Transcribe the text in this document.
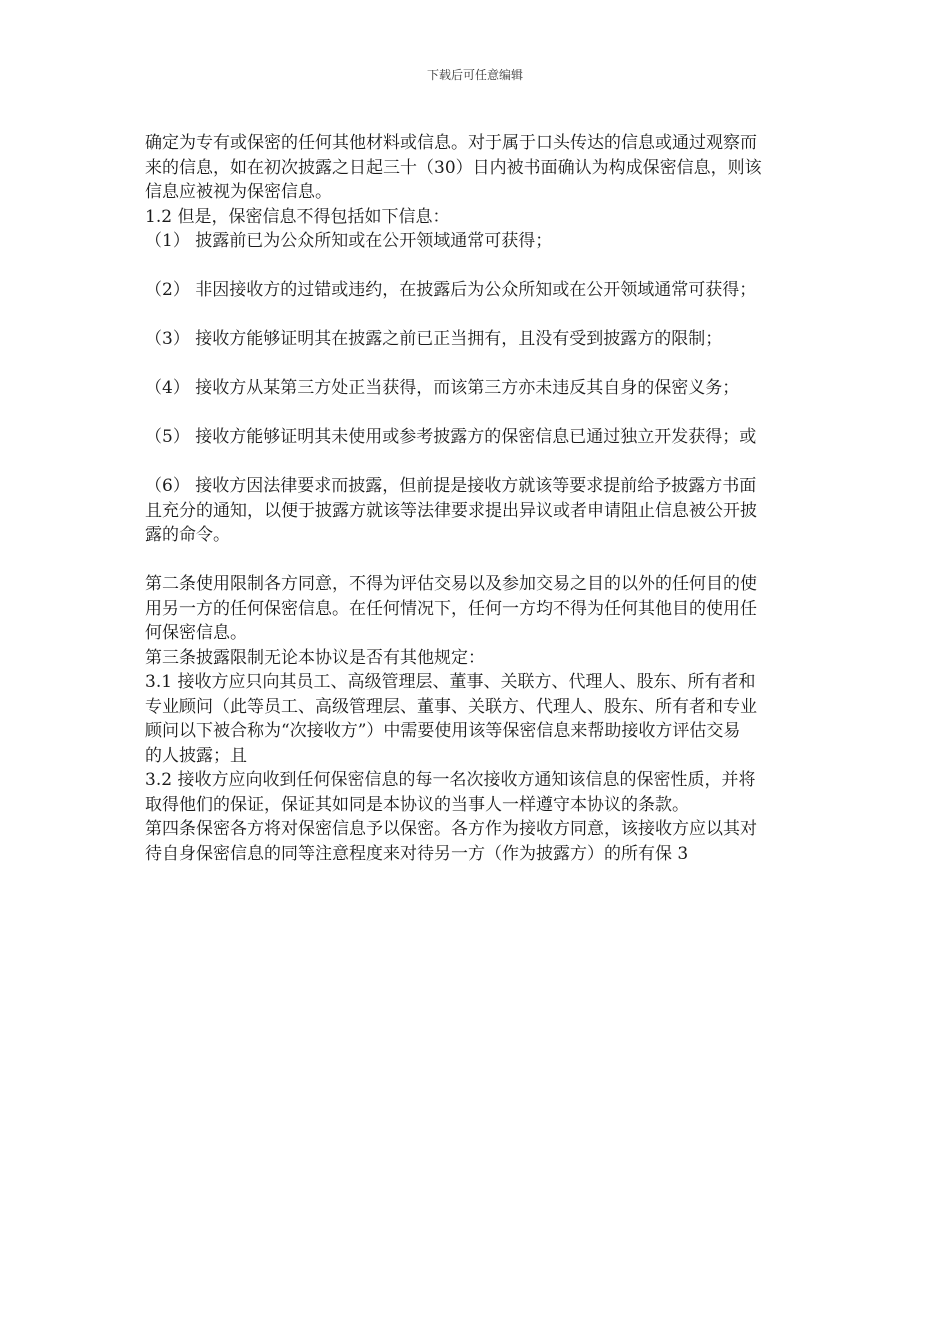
下载后可任意编辑
确定为专有或保密的任何其他材料或信息。对于属于口头传达的信息或通过观察而
来的信息，如在初次披露之日起三十（30）日内被书面确认为构成保密信息，则该
信息应被视为保密信息。
1.2 但是，保密信息不得包括如下信息：
（1） 披露前已为公众所知或在公开领域通常可获得；
（2） 非因接收方的过错或违约，在披露后为公众所知或在公开领域通常可获得；
（3） 接收方能够证明其在披露之前已正当拥有，且没有受到披露方的限制；
（4） 接收方从某第三方处正当获得，而该第三方亦未违反其自身的保密义务；
（5） 接收方能够证明其未使用或参考披露方的保密信息已通过独立开发获得；或
（6） 接收方因法律要求而披露，但前提是接收方就该等要求提前给予披露方书面
且充分的通知，以便于披露方就该等法律要求提出异议或者申请阻止信息被公开披
露的命令。
第二条使用限制各方同意，不得为评估交易以及参加交易之目的以外的任何目的使
用另一方的任何保密信息。在任何情况下，任何一方均不得为任何其他目的使用任
何保密信息。
第三条披露限制无论本协议是否有其他规定：
3.1 接收方应只向其员工、高级管理层、董事、关联方、代理人、股东、所有者和
专业顾问（此等员工、高级管理层、董事、关联方、代理人、股东、所有者和专业
顾问以下被合称为“次接收方”）中需要使用该等保密信息来帮助接收方评估交易
的人披露；且
3.2 接收方应向收到任何保密信息的每一名次接收方通知该信息的保密性质，并将
取得他们的保证，保证其如同是本协议的当事人一样遵守本协议的条款。
第四条保密各方将对保密信息予以保密。各方作为接收方同意，该接收方应以其对
待自身保密信息的同等注意程度来对待另一方（作为披露方）的所有保 3
